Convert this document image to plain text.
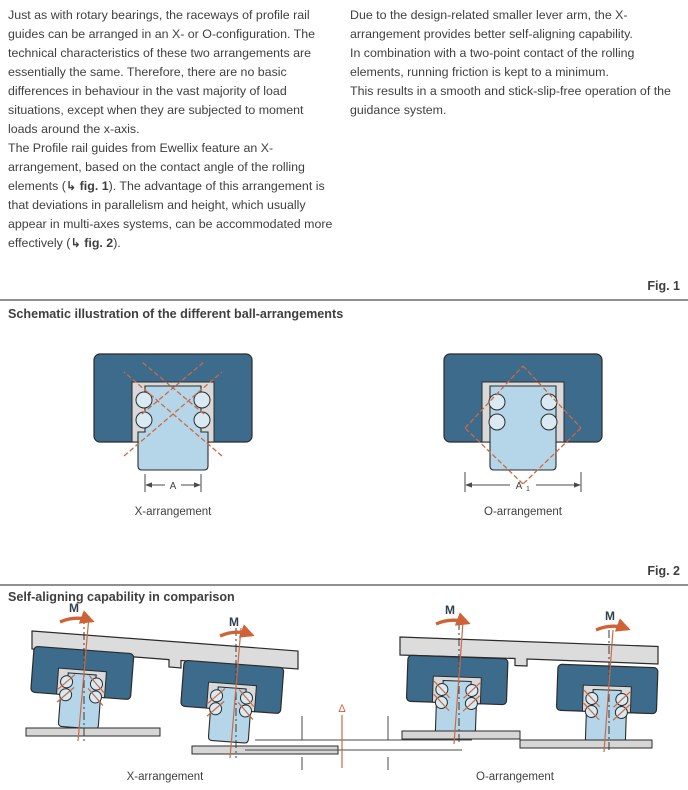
Just as with rotary bearings, the raceways of profile rail guides can be arranged in an X- or O-configuration. The technical characteristics of these two arrangements are essentially the same. Therefore, there are no basic differences in behaviour in the vast majority of load situations, except when they are subjected to moment loads around the x-axis.

The Profile rail guides from Ewellix feature an X-arrangement, based on the contact angle of the rolling elements (↳ fig. 1). The advantage of this arrangement is that deviations in parallelism and height, which usually appear in multi-axes systems, can be accommodated more effectively (↳ fig. 2).

Due to the design-related smaller lever arm, the X-arrangement provides better self-aligning capability.

In combination with a two-point contact of the rolling elements, running friction is kept to a minimum.

This results in a smooth and stick-slip-free operation of the guidance system.

Fig. 1
Schematic illustration of the different ball-arrangements
A
X-arrangement
A 1
O-arrangement
Fig. 2
Self-aligning capability in comparison
M
M
X-arrangement
Δ
M	M
O-arrangement
